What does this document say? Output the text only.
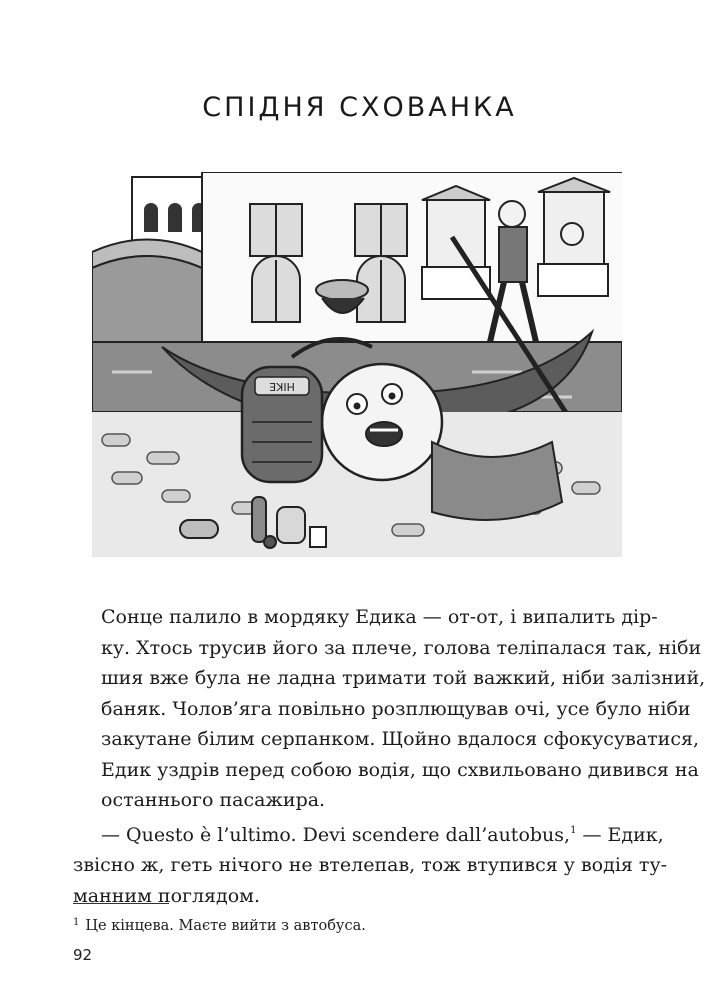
СПІДНЯ СХОВАНКА
HIKE

Сонце палило в мордяку Едика — от-от, і випалить дір-
ку. Хтось трусив його за плече, голова теліпалася так, ніби
шия вже була не ладна тримати той важкий, ніби залізний,
баняк. Чолов’яга повільно розплющував очі, усе було ніби
закутане білим серпанком. Щойно вдалося сфокусуватися,
Едик уздрів перед собою водія, що схвильовано дивився на
останнього пасажира.

— Questo è l’ultimo. Devi scendere dall’autobus,$^1$ — Едик,
звісно ж, геть нічого не втелепав, тож втупився у водія ту-
манним поглядом.

$^1$ Це кінцева. Маєте вийти з автобуса.
92
